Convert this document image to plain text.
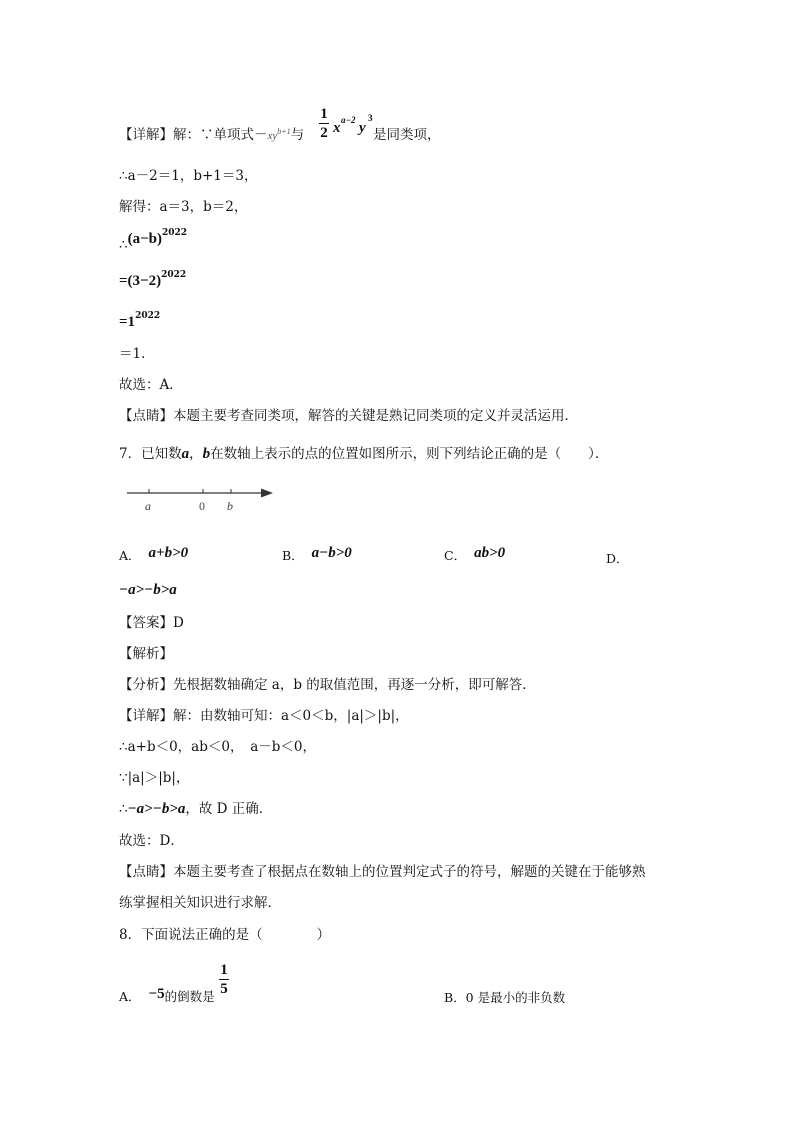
【详解】解：∵单项式$-xy^{b+1}$与
1
2 x a−2 y
3
是同类项，
∴a－2＝1，b+1＝3，
解得：a＝3，b＝2，
$\therefore(a-b)^{2022}$
$=(3-2)^{2022}$
$=1^{2022}$
＝1．
故选：A．
【点睛】本题主要考查同类项，解答的关键是熟记同类项的定义并灵活运用．
7．已知数a，b在数轴上表示的点的位置如图所示，则下列结论正确的是（　　）．
a	0 b
A． a+b>0	B． a−b>0	C． ab>0	D．
−a>−b>a
【答案】D
【解析】
【分析】先根据数轴确定 a，b 的取值范围，再逐一分析，即可解答．
【详解】解：由数轴可知：a＜0＜b，|a|＞|b|，
∴a+b＜0，ab＜0，　a－b＜0，
∵|a|＞|b|，
∴−a>−b>a，故 D 正确．
故选：D．
【点睛】本题主要考查了根据点在数轴上的位置判定式子的符号，解题的关键在于能够熟
练掌握相关知识进行求解．
8．下面说法正确的是（　　　　）
A． −5的倒数是 $\frac{1}{5}$
B．0 是最小的非负数
